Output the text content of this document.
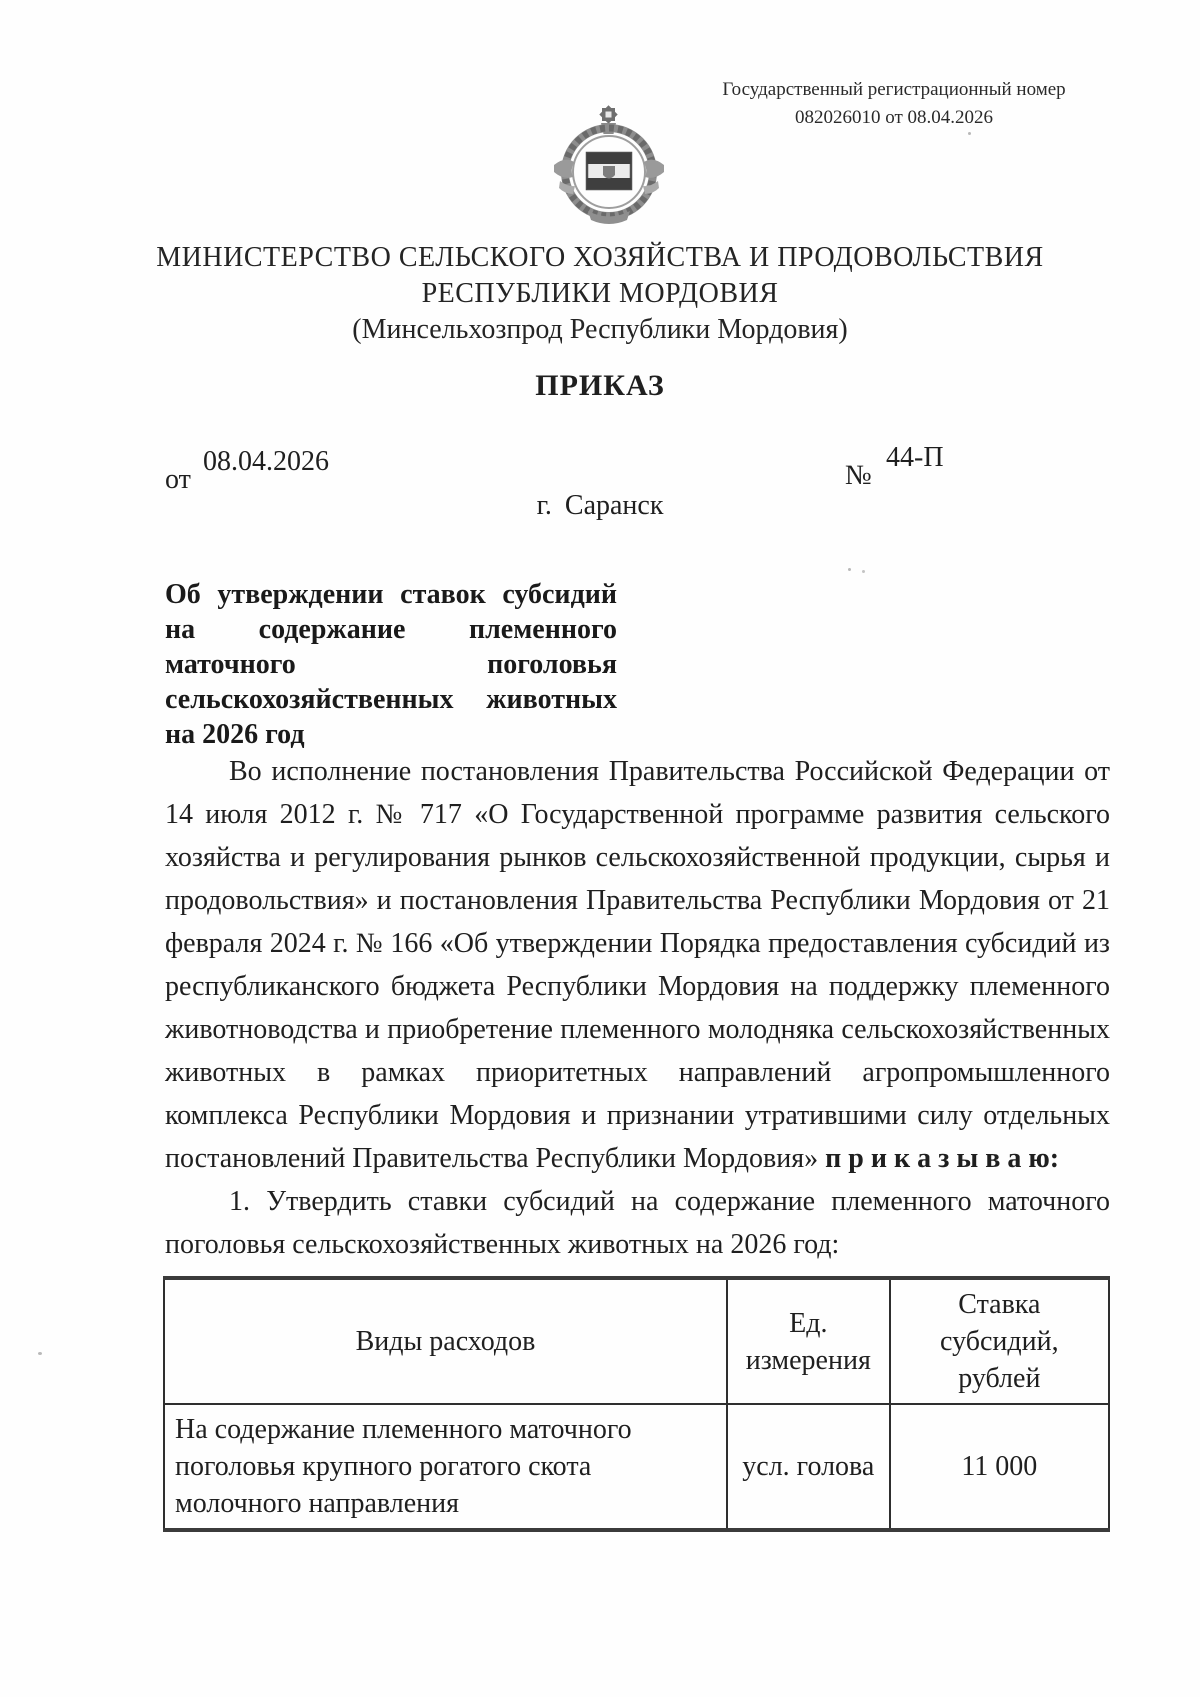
Государственный регистрационный номер
082026010 от 08.04.2026
МИНИСТЕРСТВО СЕЛЬСКОГО ХОЗЯЙСТВА И ПРОДОВОЛЬСТВИЯ
РЕСПУБЛИКИ МОРДОВИЯ
(Минсельхозпрод Республики Мордовия)
ПРИКАЗ
от
08.04.2026	№
44-П
г. Саранск
Об утверждении ставок субсидий на содержание племенного маточного поголовья сельскохозяйственных животных на 2026 год

Во исполнение постановления Правительства Российской Федерации от 14 июля 2012 г. № 717 «О Государственной программе развития сельского хозяйства и регулирования рынков сельскохозяйственной продукции, сырья и продовольствия» и постановления Правительства Республики Мордовия от 21 февраля 2024 г. № 166 «Об утверждении Порядка предоставления субсидий из республиканского бюджета Республики Мордовия на поддержку племенного животноводства и приобретение племенного молодняка сельскохозяйственных животных в рамках приоритетных направлений агропромышленного комплекса Республики Мордовия и признании утратившими силу отдельных постановлений Правительства Республики Мордовия» п р и к а з ы в а ю:

1. Утвердить ставки субсидий на содержание племенного маточного поголовья сельскохозяйственных животных на 2026 год:

Виды расходов	Ед. измерения	Ставка субсидий, рублей
На содержание племенного маточного поголовья крупного рогатого скота молочного направления	усл. голова	11 000
